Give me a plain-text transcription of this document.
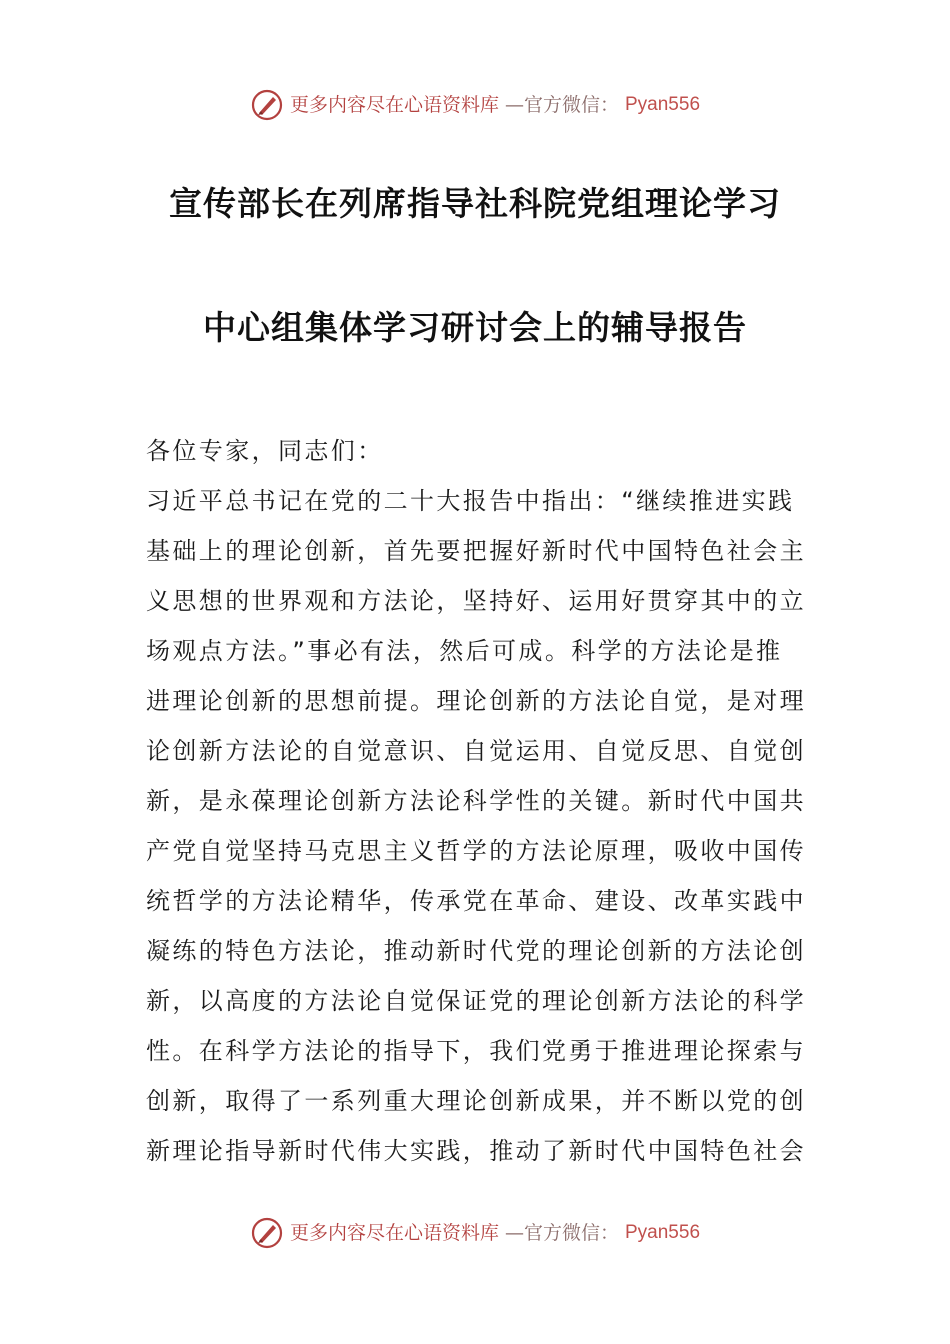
更多内容尽在心语资料库 —官方微信： Pyan556
宣传部长在列席指导社科院党组理论学习
中心组集体学习研讨会上的辅导报告
各位专家，同志们：
习近平总书记在党的二十大报告中指出：“继续推进实践
基础上的理论创新，首先要把握好新时代中国特色社会主
义思想的世界观和方法论，坚持好、运用好贯穿其中的立
场观点方法。”事必有法，然后可成。科学的方法论是推
进理论创新的思想前提。理论创新的方法论自觉，是对理
论创新方法论的自觉意识、自觉运用、自觉反思、自觉创
新，是永葆理论创新方法论科学性的关键。新时代中国共
产党自觉坚持马克思主义哲学的方法论原理，吸收中国传
统哲学的方法论精华，传承党在革命、建设、改革实践中
凝练的特色方法论，推动新时代党的理论创新的方法论创
新，以高度的方法论自觉保证党的理论创新方法论的科学
性。在科学方法论的指导下，我们党勇于推进理论探索与
创新，取得了一系列重大理论创新成果，并不断以党的创
新理论指导新时代伟大实践，推动了新时代中国特色社会
更多内容尽在心语资料库 —官方微信： Pyan556
